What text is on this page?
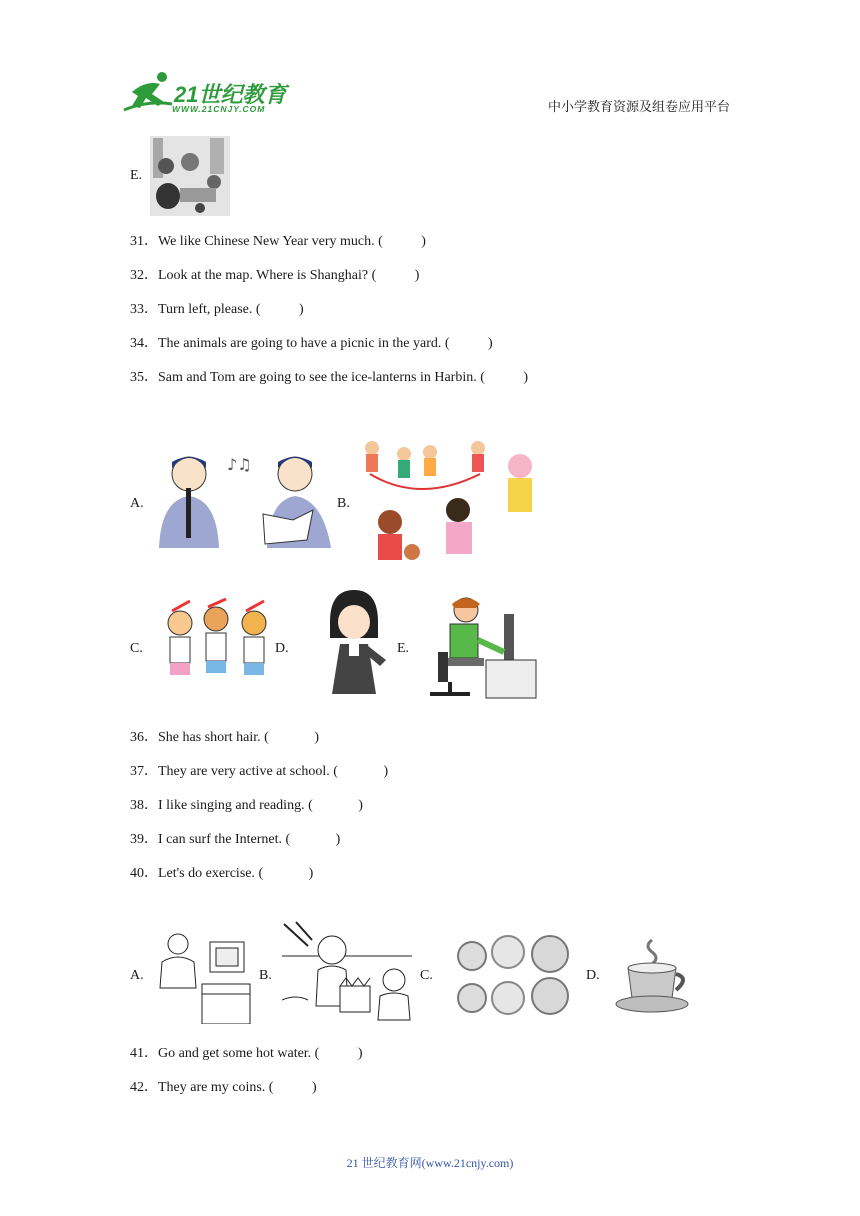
21世纪教育
WWW.21CNJY.COM	中小学教育资源及组卷应用平台
E.
31．We like Chinese New Year very much. (           )
32．Look at the map. Where is Shanghai? (           )
33．Turn left, please. (           )
34．The animals are going to have a picnic in the yard. (           )
35．Sam and Tom are going to see the ice-lanterns in Harbin. (           )
A.
♪♫
B.
C.	D.	E.
36．She has short hair. (             )
37．They are very active at school. (             )
38．I like singing and reading. (             )
39．I can surf the Internet. (             )
40．Let's do exercise. (             )
A.	B.	C.	D.
41．Go and get some hot water. (           )
42．They are my coins. (           )
21 世纪教育网(www.21cnjy.com)
